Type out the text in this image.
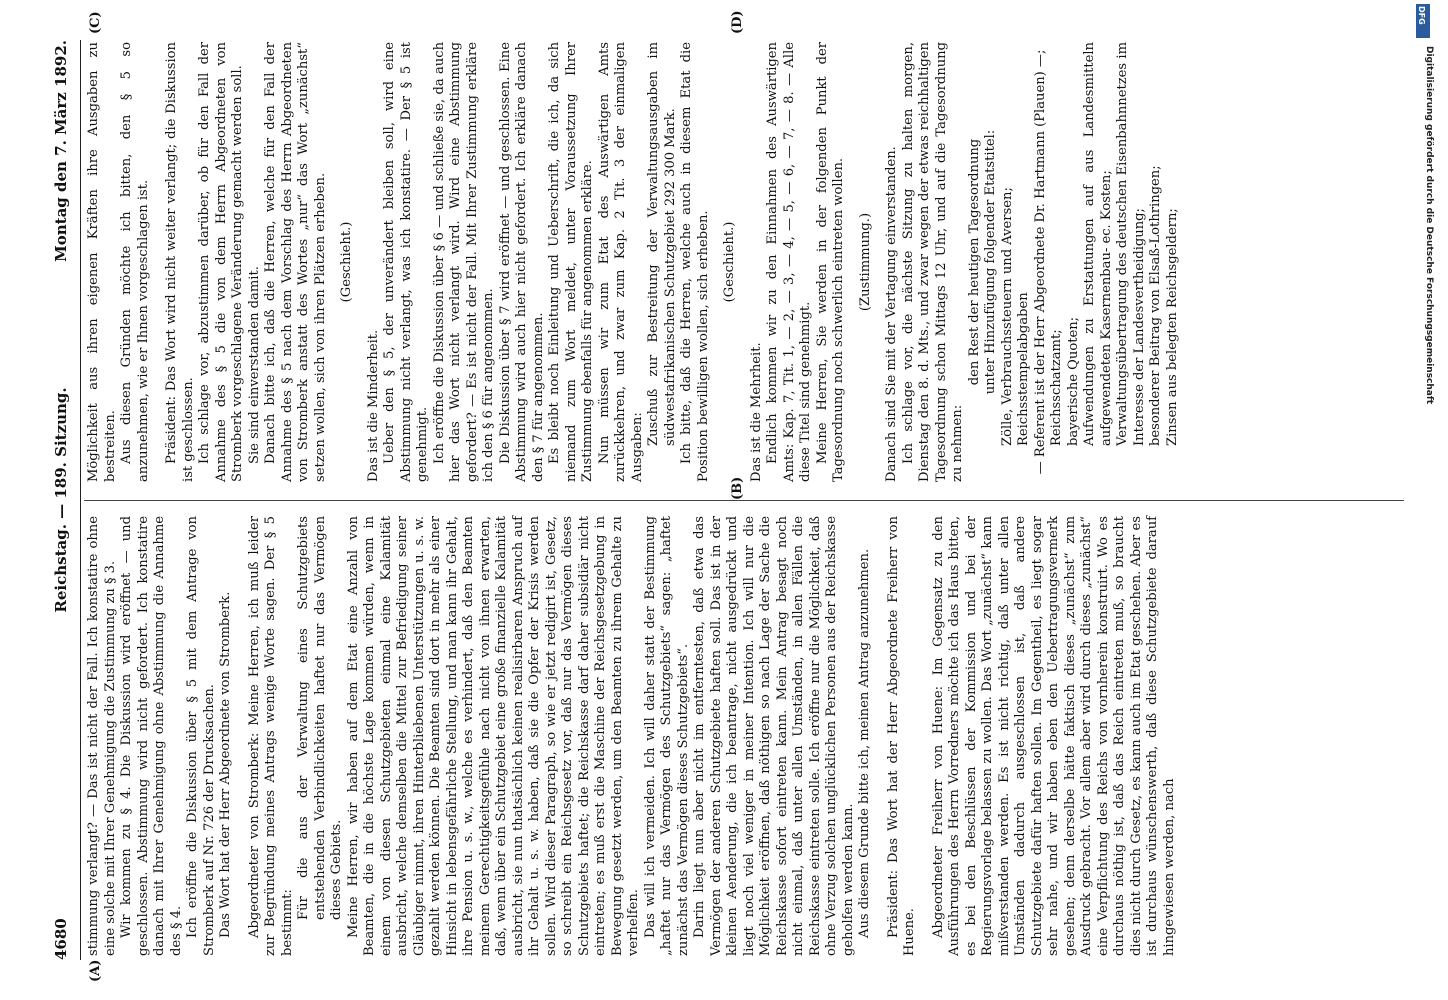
4680
Reichstag. — 189. Sitzung.
Montag den 7. März 1892.
(A)
(B)
(C)	(D)

stimmung verlangt? — Das ist nicht der Fall. Ich konstatire ohne eine solche mit Ihrer Genehmigung die Zustimmung zu § 3. Wir kommen zu § 4. Die Diskussion wird eröffnet — und geschlossen. Abstimmung wird nicht gefordert. Ich konstatire danach mit Ihrer Genehmigung ohne Abstimmung die Annahme des § 4. Ich eröffne die Diskussion über § 5 mit dem Antrage von Stromberk auf Nr. 726 der Drucksachen. Das Wort hat der Herr Abgeordnete von Stromberk. Abgeordneter von Stromberk: Meine Herren, ich muß leider zur Begründung meines Antrags wenige Worte sagen. Der § 5 bestimmt:

Für die aus der Verwaltung eines Schutzgebiets entstehenden Verbindlichkeiten haftet nur das Vermögen dieses Gebiets. Meine Herren, wir haben auf dem Etat eine Anzahl von Beamten, die in die höchste Lage kommen würden, wenn in einem von diesen Schutzgebieten einmal eine Kalamität ausbricht, welche demselben die Mittel zur Befriedigung seiner Gläubiger nimmt, ihren Hinterbliebenen Unterstützungen u. s. w. gezahlt werden können. Die Beamten sind dort in mehr als einer Hinsicht in lebensgefährliche Stellung, und man kann ihr Gehalt, ihre Pension u. s. w., welche es verhindert, daß den Beamten meinem Gerechtigkeitsgefühle nach nicht von ihnen erwarten, daß, wenn über ein Schutzgebiet eine große finanzielle Kalamität ausbricht, sie nun thatsächlich keinen realisirbaren Anspruch auf ihr Gehalt u. s. w. haben, daß sie die Opfer der Krisis werden sollen. Wird dieser Paragraph, so wie er jetzt redigirt ist, Gesetz, so schreibt ein Reichsgesetz vor, daß nur das Vermögen dieses Schutzgebiets haftet; die Reichskasse darf daher subsidiär nicht eintreten; es muß erst die Maschine der Reichsgesetzgebung in Bewegung gesetzt werden, um den Beamten zu ihrem Gehalte zu verhelfen. Das will ich vermeiden. Ich will daher statt der Bestimmung „haftet nur das Vermögen des Schutzgebiets“ sagen: „haftet zunächst das Vermögen dieses Schutzgebiets“. Darin liegt nun aber nicht im entferntesten, daß etwa das Vermögen der anderen Schutzgebiete haften soll. Das ist in der kleinen Aenderung, die ich beantrage, nicht ausgedrückt und liegt noch viel weniger in meiner Intention. Ich will nur die Möglichkeit eröffnen, daß nöthigen so nach Lage der Sache die Reichskasse sofort eintreten kann. Mein Antrag besagt noch nicht einmal, daß unter allen Umständen, in allen Fällen die Reichskasse eintreten solle. Ich eröffne nur die Möglichkeit, daß ohne Verzug solchen unglücklichen Personen aus der Reichskasse geholfen werden kann. Aus diesem Grunde bitte ich, meinen Antrag anzunehmen. Präsident: Das Wort hat der Herr Abgeordnete Freiherr von Huene. Abgeordneter Freiherr von Huene: Im Gegensatz zu den Ausführungen des Herrn Vorredners möchte ich das Haus bitten, es bei den Beschlüssen der Kommission und bei der Regierungsvorlage belassen zu wollen. Das Wort „zunächst“ kann mißverstanden werden. Es ist nicht richtig, daß unter allen Umständen dadurch ausgeschlossen ist, daß andere Schutzgebiete dafür haften sollen. Im Gegentheil, es liegt sogar sehr nahe, und wir haben eben den Uebertragungsvermerk gesehen; denn derselbe hätte faktisch dieses „zunächst“ zum Ausdruck gebracht. Vor allem aber wird durch dieses „zunächst“ eine Verpflichtung des Reichs von vornherein konstruirt. Wo es durchaus nöthig ist, daß das Reich eintreten muß, so braucht dies nicht durch Gesetz, es kann auch im Etat geschehen. Aber es ist durchaus wünschenswerth, daß diese Schutzgebiete darauf hingewiesen werden, nach

Möglichkeit aus ihren eigenen Kräften ihre Ausgaben zu bestreiten. Aus diesen Gründen möchte ich bitten, den § 5 so anzunehmen, wie er Ihnen vorgeschlagen ist. Präsident: Das Wort wird nicht weiter verlangt; die Diskussion ist geschlossen. Ich schlage vor, abzustimmen darüber, ob für den Fall der Annahme des § 5 die von dem Herrn Abgeordneten von Stromberk vorgeschlagene Veränderung gemacht werden soll. Sie sind einverstanden damit. Danach bitte ich, daß die Herren, welche für den Fall der Annahme des § 5 nach dem Vorschlag des Herrn Abgeordneten von Stromberk anstatt des Wortes „nur“ das Wort „zunächst“ setzen wollen, sich von ihren Plätzen erheben. (Geschieht.)

Das ist die Minderheit. Ueber den § 5, der unverändert bleiben soll, wird eine Abstimmung nicht verlangt, was ich konstatire. — Der § 5 ist genehmigt. Ich eröffne die Diskussion über § 6 — und schließe sie, da auch hier das Wort nicht verlangt wird. Wird eine Abstimmung gefordert? — Es ist nicht der Fall. Mit Ihrer Zustimmung erkläre ich den § 6 für angenommen. Die Diskussion über § 7 wird eröffnet — und geschlossen. Eine Abstimmung wird auch hier nicht gefordert. Ich erkläre danach den § 7 für angenommen. Es bleibt noch Einleitung und Ueberschrift, die ich, da sich niemand zum Wort meldet, unter Voraussetzung Ihrer Zustimmung ebenfalls für angenommen erkläre. Nun müssen wir zum Etat des Auswärtigen Amts zurückkehren, und zwar zum Kap. 2 Tit. 3 der einmaligen Ausgaben:

Zuschuß zur Bestreitung der Verwaltungsausgaben im südwestafrikanischen Schutzgebiet 292 300 Mark. Ich bitte, daß die Herren, welche auch in diesem Etat die Position bewilligen wollen, sich erheben. (Geschieht.)

Das ist die Mehrheit. Endlich kommen wir zu den Einnahmen des Auswärtigen Amts: Kap. 7, Tit. 1, — 2, — 3, — 4, — 5, — 6, — 7, — 8. — Alle diese Titel sind genehmigt. Meine Herren, Sie werden in der folgenden Punkt der Tagesordnung noch schwerlich eintreten wollen. (Zustimmung.) Danach sind Sie mit der Vertagung einverstanden. Ich schlage vor, die nächste Sitzung zu halten morgen, Dienstag den 8. d. Mts., und zwar wegen der etwas reichhaltigen Tagesordnung schon Mittags 12 Uhr, und auf die Tagesordnung zu nehmen:

den Rest der heutigen Tagesordnung unter Hinzufügung folgender Etatstitel: Zölle, Verbrauchssteuern und Aversen; Reichsstempelabgaben — Referent ist der Herr Abgeordnete Dr. Hartmann (Plauen) —; Reichsschatzamt; bayerische Quoten; Aufwendungen zu Erstattungen auf aus Landesmitteln aufgewendeten Kasernenbau- ec. Kosten; Verwaltungsübertragung des deutschen Eisenbahnnetzes im Interesse der Landesvertheidigung; besonderer Beitrag von Elsaß-Lothringen; Zinsen aus belegten Reichsgeldern;	Digitalisierung gefördert durch die Deutsche Forschungsgemeinschaft
DFG
